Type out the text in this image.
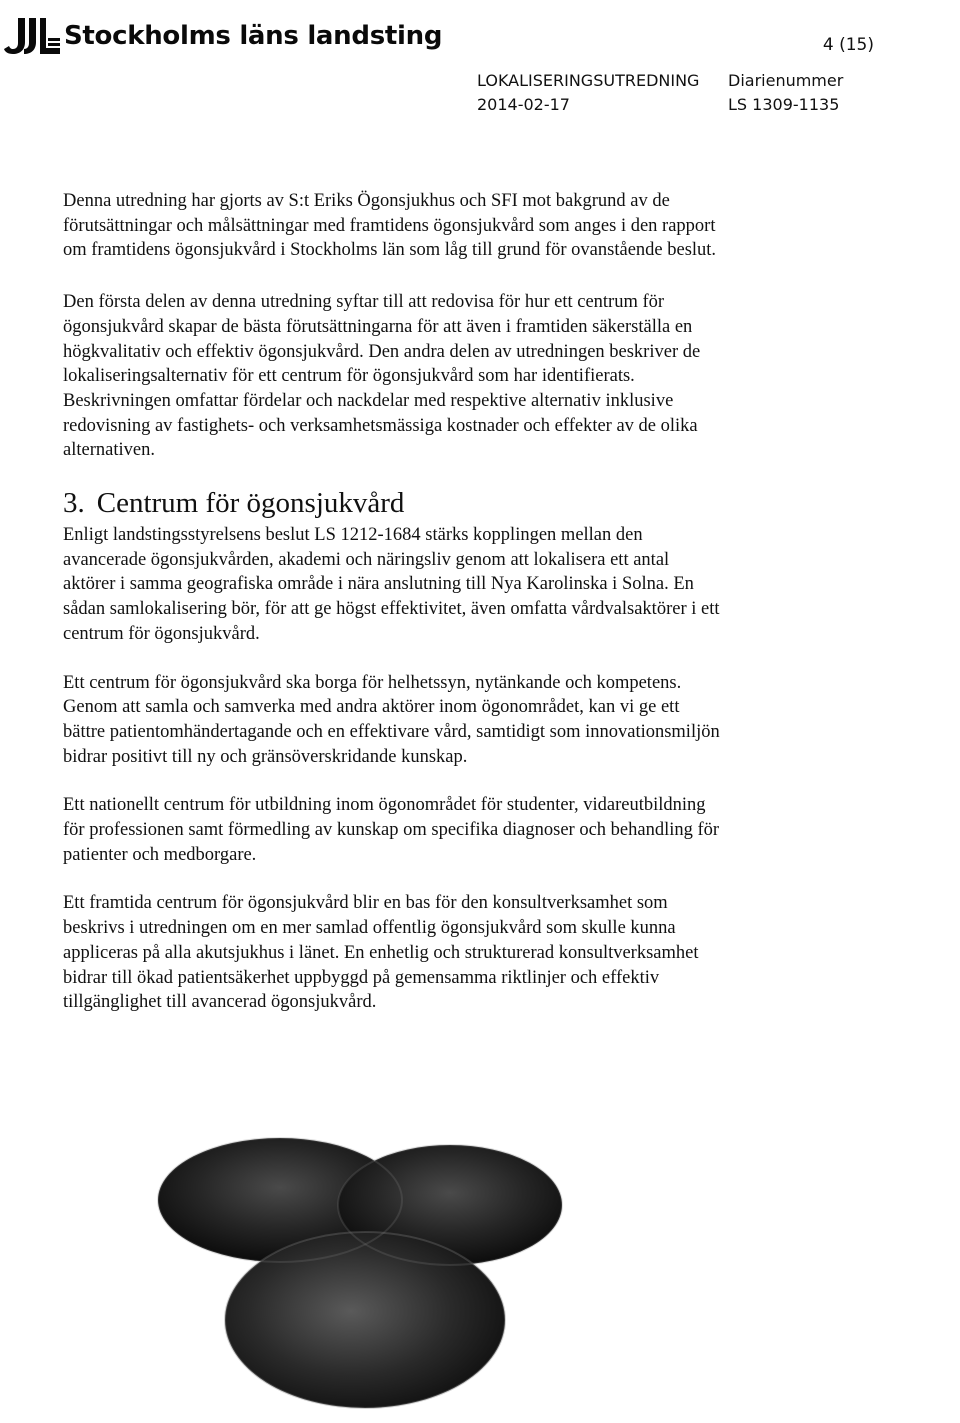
Stockholms läns landsting	4 (15)
LOKALISERINGSUTREDNING
2014-02-17
Diarienummer
LS 1309-1135

Denna utredning har gjorts av S:t Eriks Ögonsjukhus och SFI mot bakgrund av de förutsättningar och målsättningar med framtidens ögonsjukvård som anges i den rapport om framtidens ögonsjukvård i Stockholms län som låg till grund för ovanstående beslut.

Den första delen av denna utredning syftar till att redovisa för hur ett centrum för ögonsjukvård skapar de bästa förutsättningarna för att även i framtiden säkerställa en högkvalitativ och effektiv ögonsjukvård. Den andra delen av utredningen beskriver de lokaliseringsalternativ för ett centrum för ögonsjukvård som har identifierats. Beskrivningen omfattar fördelar och nackdelar med respektive alternativ inklusive redovisning av fastighets- och verksamhetsmässiga kostnader och effekter av de olika alternativen.

3. Centrum för ögonsjukvård

Enligt landstingsstyrelsens beslut LS 1212-1684 stärks kopplingen mellan den avancerade ögonsjukvården, akademi och näringsliv genom att lokalisera ett antal aktörer i samma geografiska område i nära anslutning till Nya Karolinska i Solna. En sådan samlokalisering bör, för att ge högst effektivitet, även omfatta vårdvalsaktörer i ett centrum för ögonsjukvård.

Ett centrum för ögonsjukvård ska borga för helhetssyn, nytänkande och kompetens. Genom att samla och samverka med andra aktörer inom ögonområdet, kan vi ge ett bättre patientomhändertagande och en effektivare vård, samtidigt som innovationsmiljön bidrar positivt till ny och gränsöverskridande kunskap.

Ett nationellt centrum för utbildning inom ögonområdet för studenter, vidareutbildning för professionen samt förmedling av kunskap om specifika diagnoser och behandling för patienter och medborgare.

Ett framtida centrum för ögonsjukvård blir en bas för den konsultverksamhet som beskrivs i utredningen om en mer samlad offentlig ögonsjukvård som skulle kunna appliceras på alla akutsjukhus i länet. En enhetlig och strukturerad konsultverksamhet bidrar till ökad patientsäkerhet uppbyggd på gemensamma riktlinjer och effektiv tillgänglighet till avancerad ögonsjukvård.
